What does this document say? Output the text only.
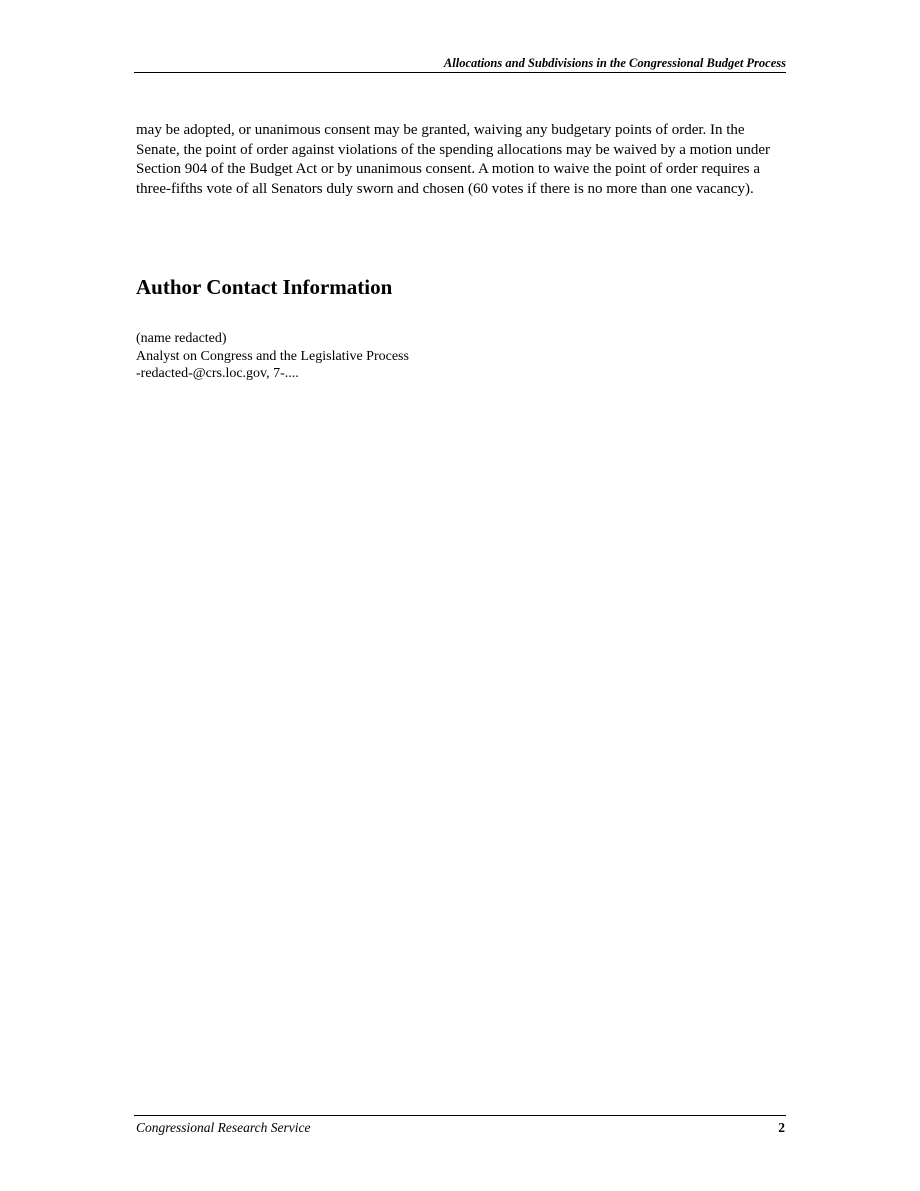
Allocations and Subdivisions in the Congressional Budget Process

may be adopted, or unanimous consent may be granted, waiving any budgetary points of order. In the Senate, the point of order against violations of the spending allocations may be waived by a motion under Section 904 of the Budget Act or by unanimous consent. A motion to waive the point of order requires a three-fifths vote of all Senators duly sworn and chosen (60 votes if there is no more than one vacancy).

Author Contact Information
(name redacted)
Analyst on Congress and the Legislative Process
-redacted-@crs.loc.gov, 7-....
Congressional Research Service	2
